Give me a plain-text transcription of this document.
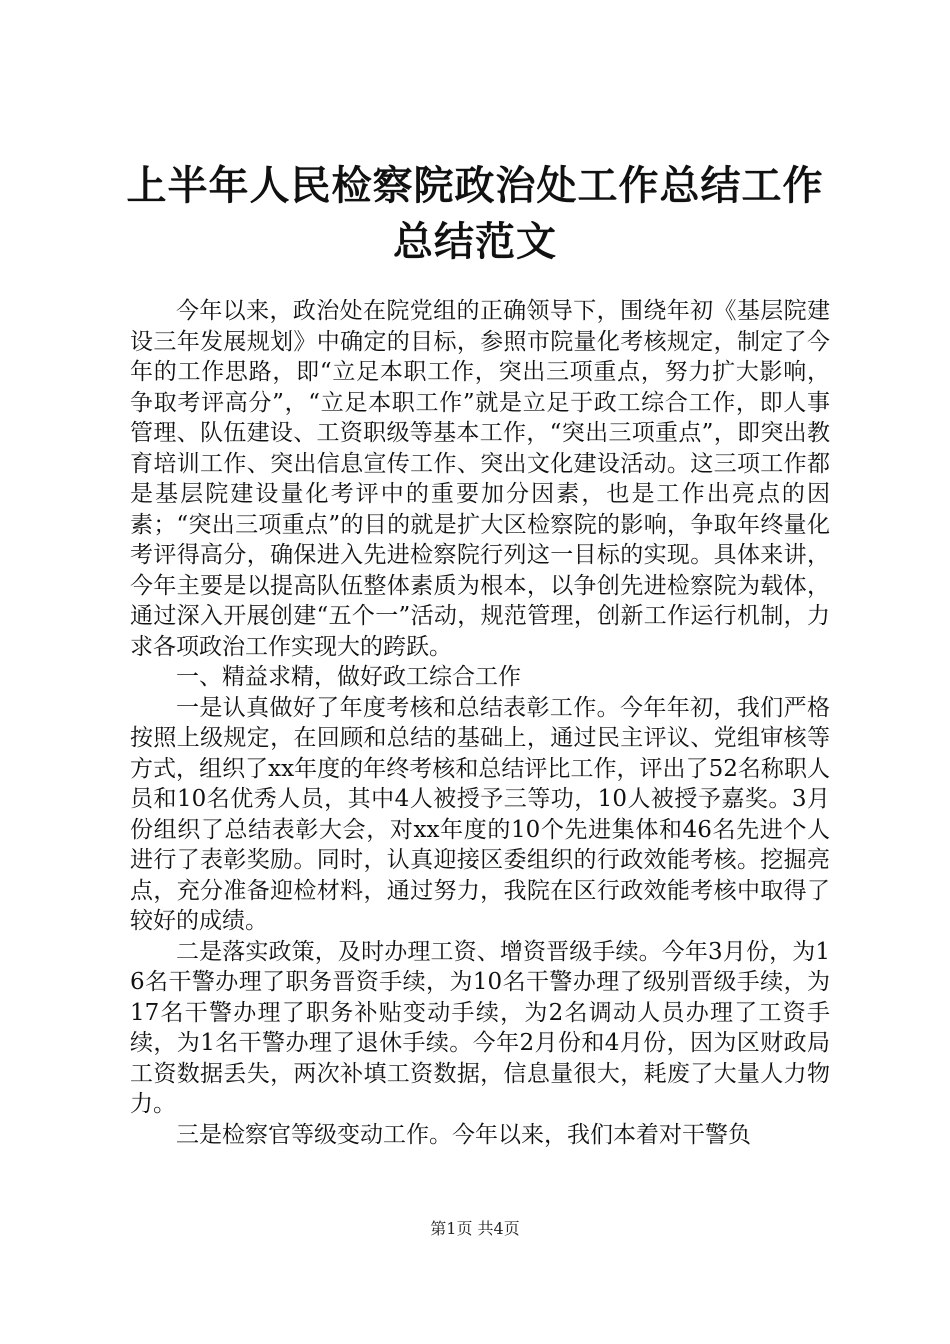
上半年人民检察院政治处工作总结工作总结范文

今年以来，政治处在院党组的正确领导下，围绕年初《基层院建设三年发展规划》中确定的目标，参照市院量化考核规定，制定了今年的工作思路，即“立足本职工作，突出三项重点，努力扩大影响，争取考评高分”，“立足本职工作”就是立足于政工综合工作，即人事管理、队伍建设、工资职级等基本工作，“突出三项重点”，即突出教育培训工作、突出信息宣传工作、突出文化建设活动。这三项工作都是基层院建设量化考评中的重要加分因素，也是工作出亮点的因素；“突出三项重点”的目的就是扩大区检察院的影响，争取年终量化考评得高分，确保进入先进检察院行列这一目标的实现。具体来讲，今年主要是以提高队伍整体素质为根本，以争创先进检察院为载体，通过深入开展创建“五个一”活动，规范管理，创新工作运行机制，力求各项政治工作实现大的跨跃。

一、精益求精，做好政工综合工作

一是认真做好了年度考核和总结表彰工作。今年年初，我们严格按照上级规定，在回顾和总结的基础上，通过民主评议、党组审核等方式，组织了xx年度的年终考核和总结评比工作，评出了52名称职人员和10名优秀人员，其中4人被授予三等功，10人被授予嘉奖。3月份组织了总结表彰大会，对xx年度的10个先进集体和46名先进个人进行了表彰奖励。同时，认真迎接区委组织的行政效能考核。挖掘亮点，充分准备迎检材料，通过努力，我院在区行政效能考核中取得了较好的成绩。

二是落实政策，及时办理工资、增资晋级手续。今年3月份，为16名干警办理了职务晋资手续，为10名干警办理了级别晋级手续，为17名干警办理了职务补贴变动手续，为2名调动人员办理了工资手续，为1名干警办理了退休手续。今年2月份和4月份，因为区财政局工资数据丢失，两次补填工资数据，信息量很大，耗废了大量人力物力。

三是检察官等级变动工作。今年以来，我们本着对干警负

第1页 共4页
